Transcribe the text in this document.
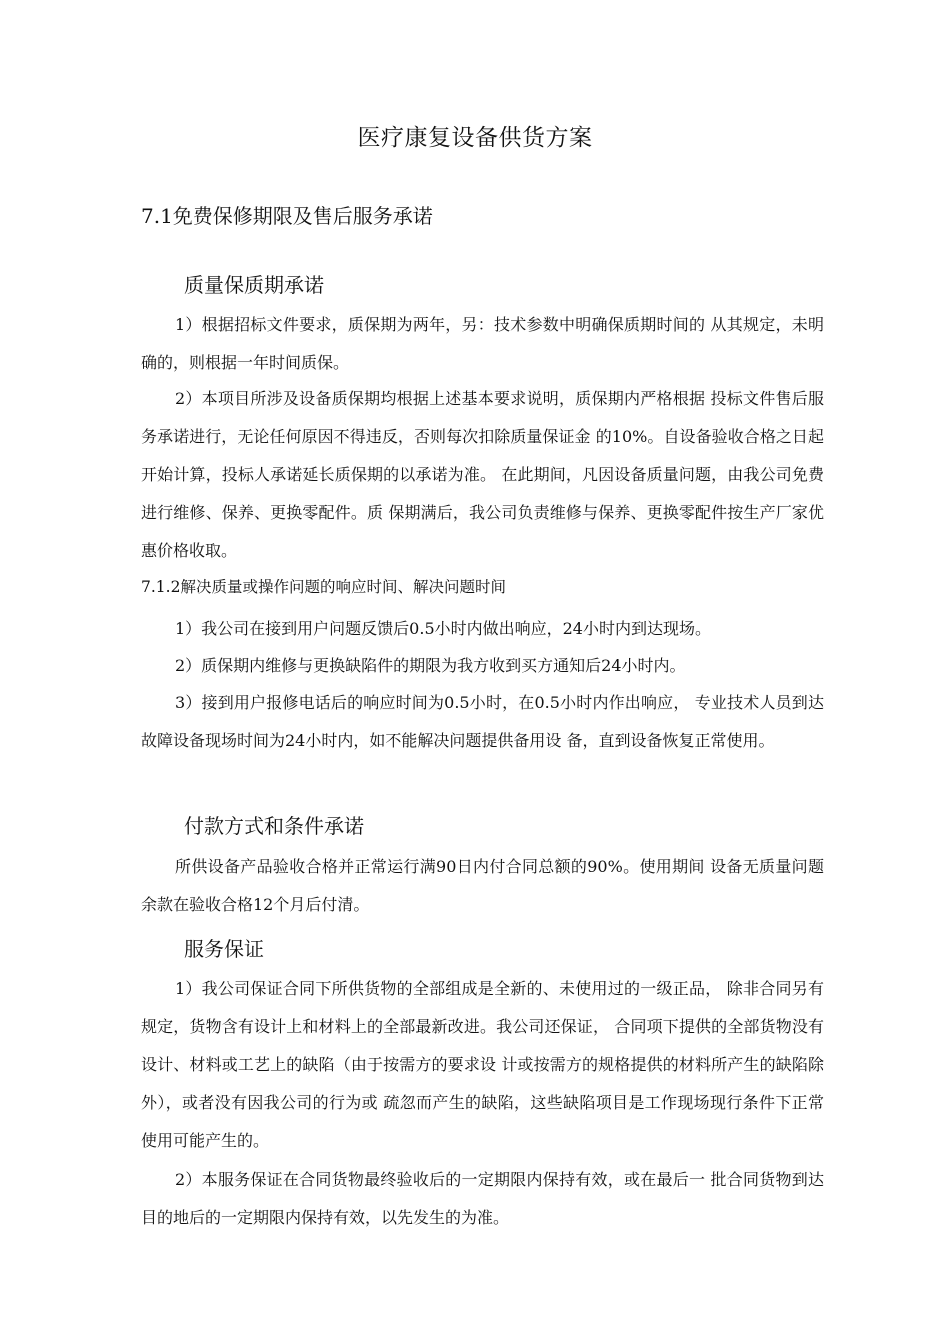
医疗康复设备供货方案
7.1免费保修期限及售后服务承诺
质量保质期承诺

1）根据招标文件要求，质保期为两年，另：技术参数中明确保质期时间的 从其规定，未明确的，则根据一年时间质保。

2）本项目所涉及设备质保期均根据上述基本要求说明，质保期内严格根据 投标文件售后服务承诺进行，无论任何原因不得违反，否则每次扣除质量保证金 的10%。自设备验收合格之日起开始计算，投标人承诺延长质保期的以承诺为准。 在此期间，凡因设备质量问题，由我公司免费进行维修、保养、更换零配件。质 保期满后，我公司负责维修与保养、更换零配件按生产厂家优惠价格收取。

7.1.2解决质量或操作问题的响应时间、解决问题时间

1）我公司在接到用户问题反馈后0.5小时内做出响应，24小时内到达现场。

2）质保期内维修与更换缺陷件的期限为我方收到买方通知后24小时内。

3）接到用户报修电话后的响应时间为0.5小时，在0.5小时内作出响应， 专业技术人员到达故障设备现场时间为24小时内，如不能解决问题提供备用设 备，直到设备恢复正常使用。

付款方式和条件承诺

所供设备产品验收合格并正常运行满90日内付合同总额的90%。使用期间 设备无质量问题余款在验收合格12个月后付清。

服务保证

1）我公司保证合同下所供货物的全部组成是全新的、未使用过的一级正品， 除非合同另有规定，货物含有设计上和材料上的全部最新改进。我公司还保证， 合同项下提供的全部货物没有设计、材料或工艺上的缺陷（由于按需方的要求设 计或按需方的规格提供的材料所产生的缺陷除外），或者没有因我公司的行为或 疏忽而产生的缺陷，这些缺陷项目是工作现场现行条件下正常使用可能产生的。

2）本服务保证在合同货物最终验收后的一定期限内保持有效，或在最后一 批合同货物到达目的地后的一定期限内保持有效，以先发生的为准。
